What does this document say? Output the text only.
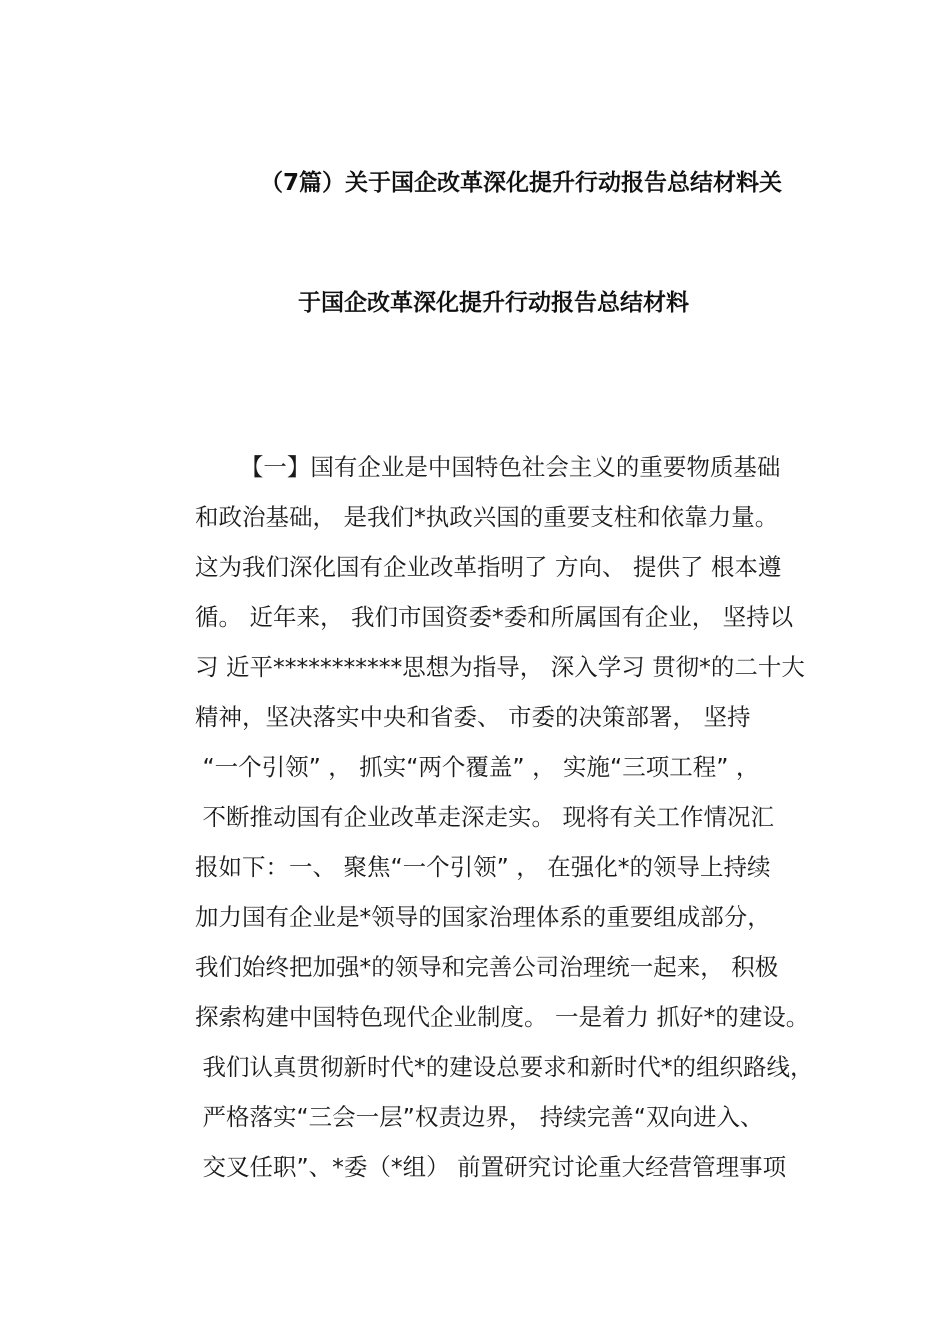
（7篇）关于国企改革深化提升行动报告总结材料关
于国企改革深化提升行动报告总结材料
【一】国有企业是中国特色社会主义的重要物质基础
和政治基础， 是我们*执政兴国的重要支柱和依靠力量。
这为我们深化国有企业改革指明了 方向、 提供了 根本遵
循。 近年来， 我们市国资委*委和所属国有企业， 坚持以
习 近平***********思想为指导， 深入学习 贯彻*的二十大
精神，坚决落实中央和省委、 市委的决策部署， 坚持
“一个引领” ， 抓实“两个覆盖” ， 实施“三项工程” ，
不断推动国有企业改革走深走实。 现将有关工作情况汇
报如下：一、 聚焦“一个引领” ， 在强化*的领导上持续
加力国有企业是*领导的国家治理体系的重要组成部分，
我们始终把加强*的领导和完善公司治理统一起来， 积极
探索构建中国特色现代企业制度。 一是着力 抓好*的建设。
我们认真贯彻新时代*的建设总要求和新时代*的组织路线，
严格落实“三会一层”权责边界， 持续完善“双向进入、
交叉任职”、*委（*组） 前置研究讨论重大经营管理事项
